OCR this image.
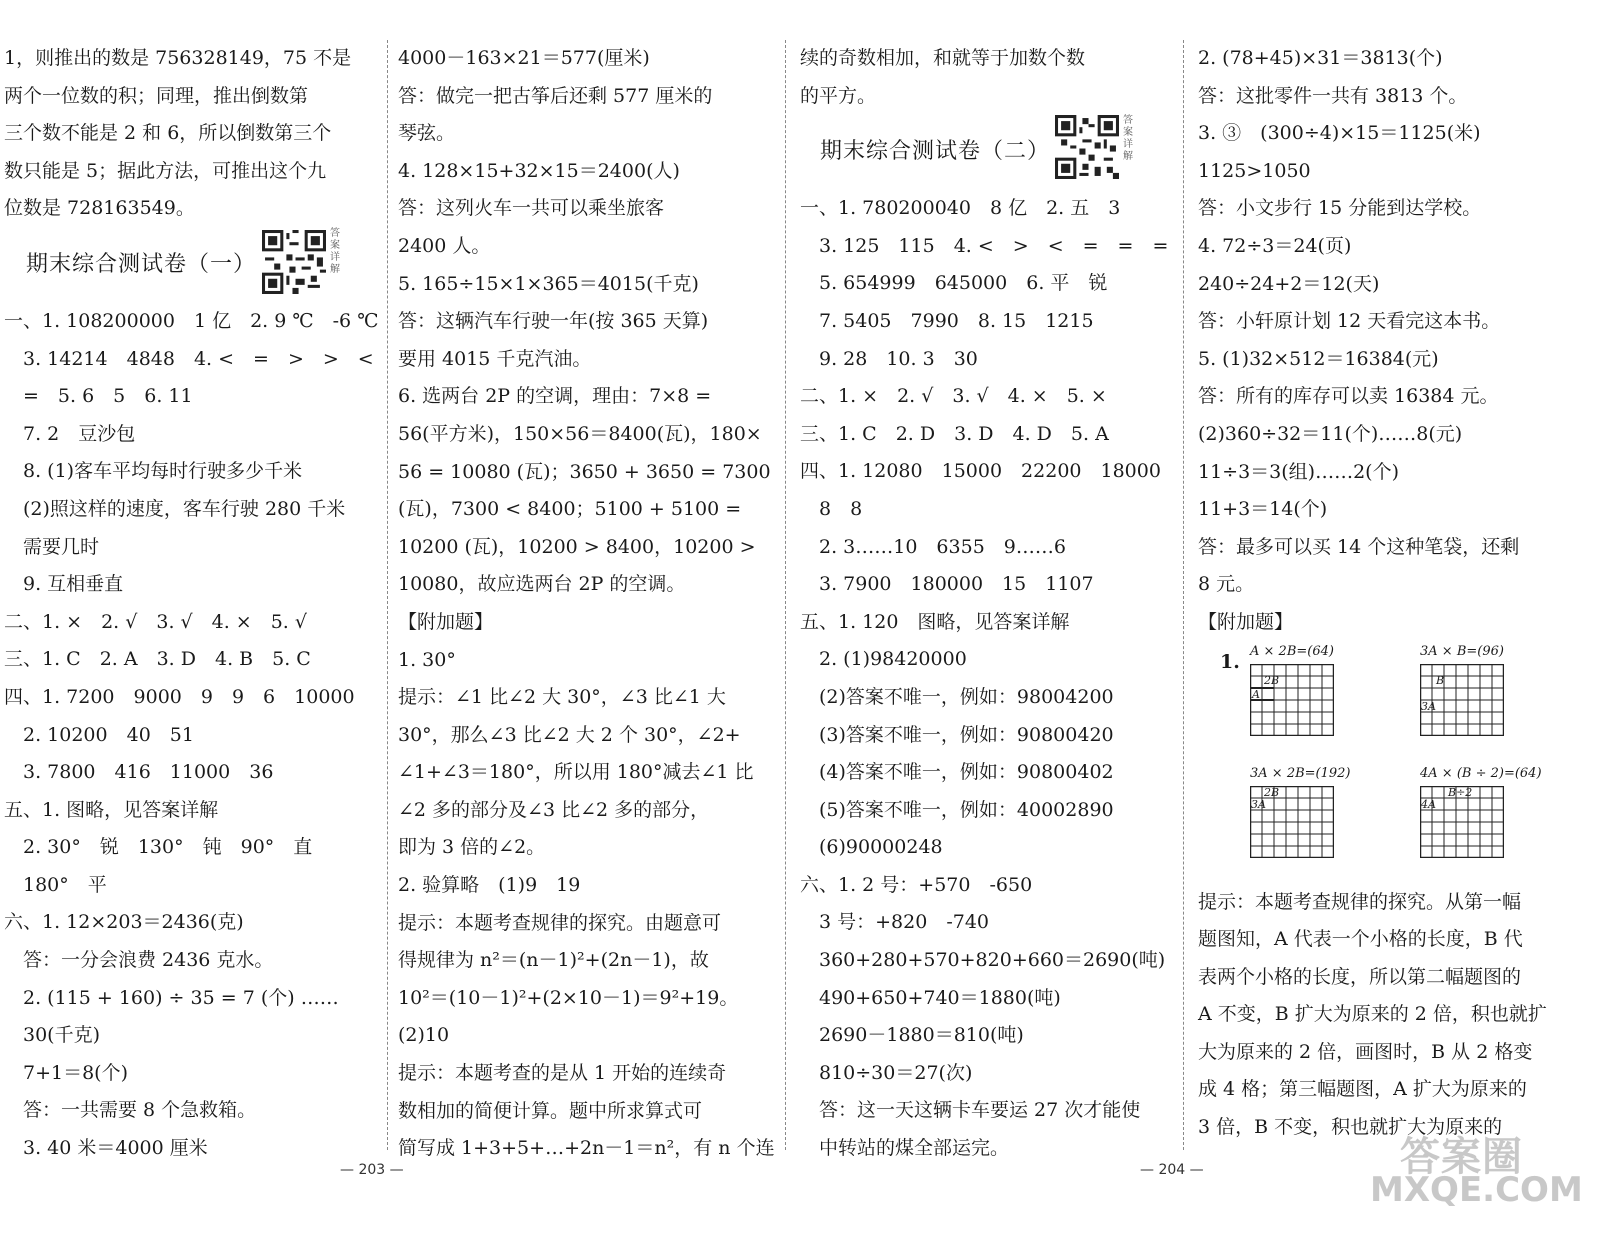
1，则推出的数是 756328149，75 不是
两个一位数的积；同理，推出倒数第
三个数不能是 2 和 6，所以倒数第三个
数只能是 5；据此方法，可推出这个九
位数是 728163549。
期末综合测试卷（一）
答案详解
一、1. 108200000　1 亿　2. 9 ℃　-6 ℃
　3. 14214　4848　4. <　=　>　>　<
　=　5. 6　5　6. 11
　7. 2　豆沙包
　8. (1)客车平均每时行驶多少千米
　(2)照这样的速度，客车行驶 280 千米
　需要几时
　9. 互相垂直
二、1. ×　2. √　3. √　4. ×　5. √
三、1. C　2. A　3. D　4. B　5. C
四、1. 7200　9000　9　9　6　10000
　2. 10200　40　51
　3. 7800　416　11000　36
五、1. 图略，见答案详解
　2. 30°　锐　130°　钝　90°　直
　180°　平
六、1. 12×203＝2436(克)
　答：一分会浪费 2436 克水。
　2. (115 + 160) ÷ 35 = 7 (个) ……
　30(千克)
　7+1＝8(个)
　答：一共需要 8 个急救箱。
　3. 40 米＝4000 厘米
4000－163×21＝577(厘米)
答：做完一把古筝后还剩 577 厘米的
琴弦。
4. 128×15+32×15＝2400(人)
答：这列火车一共可以乘坐旅客
2400 人。
5. 165÷15×1×365＝4015(千克)
答：这辆汽车行驶一年(按 365 天算)
要用 4015 千克汽油。
6. 选两台 2P 的空调，理由：7×8 =
56(平方米)，150×56＝8400(瓦)，180×
56 = 10080 (瓦)；3650 + 3650 = 7300
(瓦)，7300 < 8400；5100 + 5100 =
10200 (瓦)，10200 > 8400，10200 >
10080，故应选两台 2P 的空调。
【附加题】
1. 30°
提示：∠1 比∠2 大 30°，∠3 比∠1 大
30°，那么∠3 比∠2 大 2 个 30°，∠2+
∠1+∠3＝180°，所以用 180°减去∠1 比
∠2 多的部分及∠3 比∠2 多的部分，
即为 3 倍的∠2。
2. 验算略　(1)9　19
提示：本题考查规律的探究。由题意可
得规律为 n²＝(n－1)²+(2n－1)，故
10²＝(10－1)²+(2×10－1)＝9²+19。
(2)10
提示：本题考查的是从 1 开始的连续奇
数相加的简便计算。题中所求算式可
简写成 1+3+5+…+2n－1＝n²，有 n 个连
续的奇数相加，和就等于加数个数
的平方。
期末综合测试卷（二）
答案详解
一、1. 780200040　8 亿　2. 五　3
　3. 125　115　4. <　>　<　=　=　=
　5. 654999　645000　6. 平　锐
　7. 5405　7990　8. 15　1215
　9. 28　10. 3　30
二、1. ×　2. √　3. √　4. ×　5. ×
三、1. C　2. D　3. D　4. D　5. A
四、1. 12080　15000　22200　18000
　8　8
　2. 3……10　6355　9……6
　3. 7900　180000　15　1107
五、1. 120　图略，见答案详解
　2. (1)98420000
　(2)答案不唯一，例如：98004200
　(3)答案不唯一，例如：90800420
　(4)答案不唯一，例如：90800402
　(5)答案不唯一，例如：40002890
　(6)90000248
六、1. 2 号：+570　-650
　3 号：+820　-740
　360+280+570+820+660＝2690(吨)
　490+650+740＝1880(吨)
　2690－1880＝810(吨)
　810÷30＝27(次)
　答：这一天这辆卡车要运 27 次才能使
　中转站的煤全部运完。
2. (78+45)×31＝3813(个)
答：这批零件一共有 3813 个。
3. ③　(300÷4)×15＝1125(米)
1125>1050
答：小文步行 15 分能到达学校。
4. 72÷3＝24(页)
240÷24+2＝12(天)
答：小轩原计划 12 天看完这本书。
5. (1)32×512＝16384(元)
答：所有的库存可以卖 16384 元。
(2)360÷32＝11(个)……8(元)
11÷3＝3(组)……2(个)
11+3＝14(个)
答：最多可以买 14 个这种笔袋，还剩
8 元。
【附加题】
1. A × 2B=(64)
2B
A
3A × B=(96)
B
3A
3A × 2B=(192)
2B
3A
4A × (B ÷ 2)=(64)
B÷2
4A
提示：本题考查规律的探究。从第一幅
题图知，A 代表一个小格的长度，B 代
表两个小格的长度，所以第二幅题图的
A 不变，B 扩大为原来的 2 倍，积也就扩
大为原来的 2 倍，画图时，B 从 2 格变
成 4 格；第三幅题图，A 扩大为原来的
3 倍，B 不变，积也就扩大为原来的
— 203 —	— 204 —	答案圈
MXQE.COM
